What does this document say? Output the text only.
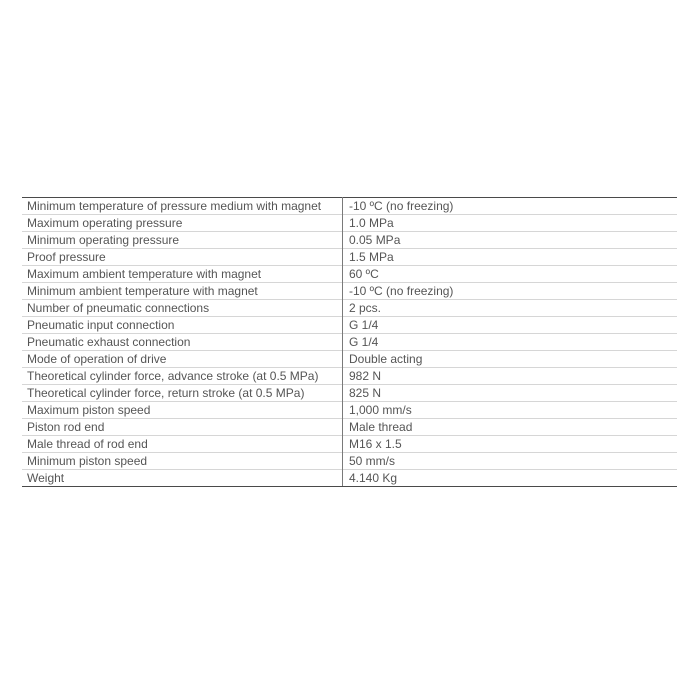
Minimum temperature of pressure medium with magnet	-10 ºC (no freezing)
Maximum operating pressure	1.0 MPa
Minimum operating pressure	0.05 MPa
Proof pressure	1.5 MPa
Maximum ambient temperature with magnet	60 ºC
Minimum ambient temperature with magnet	-10 ºC (no freezing)
Number of pneumatic connections	2 pcs.
Pneumatic input connection	G 1/4
Pneumatic exhaust connection	G 1/4
Mode of operation of drive	Double acting
Theoretical cylinder force, advance stroke (at 0.5 MPa)	982 N
Theoretical cylinder force, return stroke (at 0.5 MPa)	825 N
Maximum piston speed	1,000 mm/s
Piston rod end	Male thread
Male thread of rod end	M16 x 1.5
Minimum piston speed	50 mm/s
Weight	4.140 Kg
